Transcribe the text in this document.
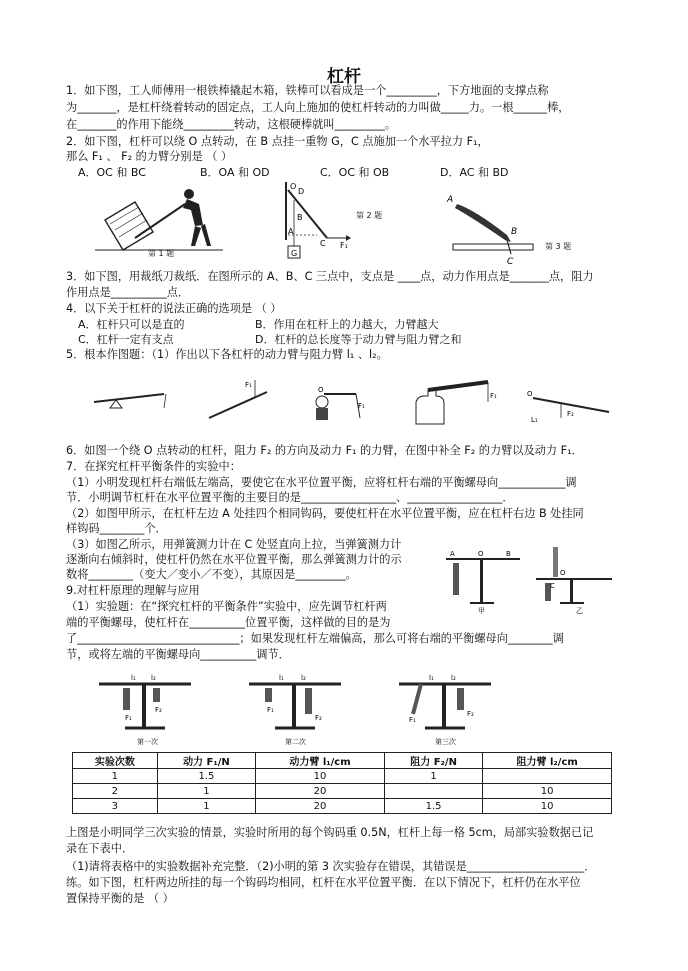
杠杆
1．如下图，工人师傅用一根铁棒撬起木箱，铁棒可以看成是一个_________，下方地面的支撑点称
为_______，是杠杆绕着转动的固定点，工人向上施加的使杠杆转动的力叫做_____力。一根______棒，
在_______的作用下能绕_________转动，这根硬棒就叫_________。
2．如下图，杠杆可以绕 O 点转动，在 B 点挂一重物 G，C 点施加一个水平拉力 F₁，
那么 F₁ 、 F₂ 的力臂分别是 （ ）
A．OC 和 BC	B．OA 和 OD	C．OC 和 OB	D．AC 和 BD
第 1 题
O
D
A
B
C F₁
G
第 2 题
A
B
C
第 3 题
3．如下图，用裁纸刀裁纸．在图所示的 A、B、C 三点中，支点是 ____点，动力作用点是_______点，阻力
作用点是__________点．
4．以下关于杠杆的说法正确的选项是 （ ）
A．杠杆只可以是直的	B．作用在杠杆上的力越大，力臂越大
C．杠杆一定有支点	D．杠杆的总长度等于动力臂与阻力臂之和
5．根本作图题：（1）作出以下各杠杆的动力臂与阻力臂 l₁ 、l₂。
F₁
F₁
O
F₁	O
F₂
L₁
6．如图一个绕 O 点转动的杠杆，阻力 F₂ 的方向及动力 F₁ 的力臂，在图中补全 F₂ 的力臂以及动力 F₁．
7．在探究杠杆平衡条件的实验中：
（1）小明发现杠杆右端低左端高，要使它在水平位置平衡，应将杠杆右端的平衡螺母向____________调
节．小明调节杠杆在水平位置平衡的主要目的是_________________、_________________．
（2）如图甲所示，在杠杆左边 A 处挂四个相同钩码，要使杠杆在水平位置平衡，应在杠杆右边 B 处挂同
样钩码________个．
（3）如图乙所示，用弹簧测力计在 C 处竖直向上拉，当弹簧测力计
逐渐向右倾斜时，使杠杆仍然在水平位置平衡，那么弹簧测力计的示
数将________（变大／变小／不变），其原因是_________。
9.对杠杆原理的理解与应用
（1）实验题：在“探究杠杆的平衡条件”实验中，应先调节杠杆两
端的平衡螺母，使杠杆在__________位置平衡，这样做的目的是为
了_____________________________；如果发现杠杆左端偏高，那么可将右端的平衡螺母向________调
节，或将左端的平衡螺母向__________调节．
A	O	B
甲
O
C
乙
F₁
F₂
l₁ l₂
第一次
F₁
F₂
l₁ l₂
第二次
F₁
F₂
l₁ l₂
第三次
实验次数	动力 F₁/N	动力臂 l₁/cm	阻力 F₂/N	阻力臂 l₂/cm
1	1.5	10	1	
2	1	20		10
3	1	20	1.5	10
上图是小明同学三次实验的情景，实验时所用的每个钩码重 0.5N，杠杆上每一格 5cm，局部实验数据已记
录在下表中．
（1)请将表格中的实验数据补充完整．（2)小明的第 3 次实验存在错误，其错误是_____________________．
练。如下图，杠杆两边所挂的每一个钩码均相同，杠杆在水平位置平衡．在以下情况下，杠杆仍在水平位
置保持平衡的是 （ ）
